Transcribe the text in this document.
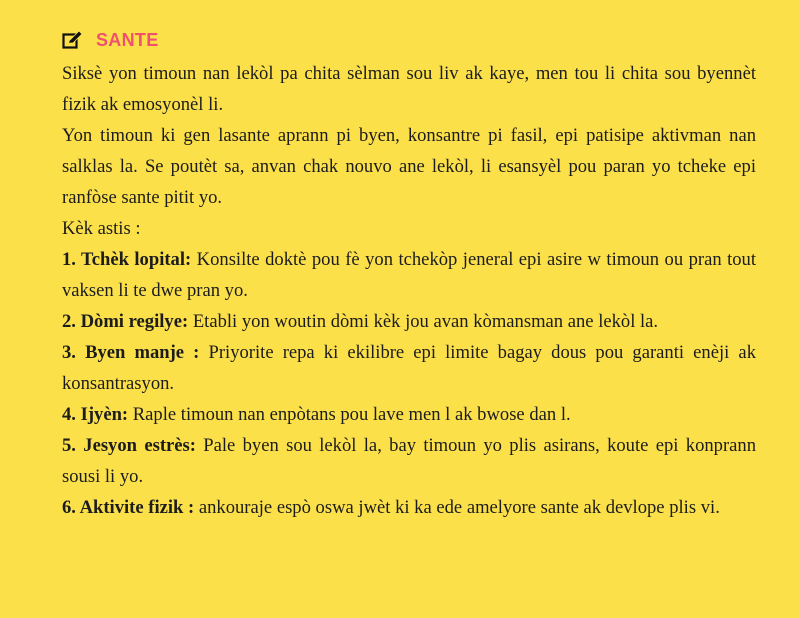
SANTE

Siksè yon timoun nan lekòl pa chita sèlman sou liv ak kaye, men tou li chita sou byennèt fizik ak emosyonèl li.

Yon timoun ki gen lasante aprann pi byen, konsantre pi fasil, epi patisipe aktivman nan salklas la. Se poutèt sa, anvan chak nouvo ane lekòl, li esansyèl pou paran yo tcheke epi ranfòse sante pitit yo.

Kèk astis :

1. Tchèk lopital: Konsilte doktè pou fè yon tchekòp jeneral epi asire w timoun ou pran tout vaksen li te dwe pran yo.

2. Dòmi regilye: Etabli yon woutin dòmi kèk jou avan kòmansman ane lekòl la.

3. Byen manje : Priyorite repa ki ekilibre epi limite bagay dous pou garanti enèji ak konsantrasyon.

4. Ijyèn: Raple timoun nan enpòtans pou lave men l ak bwose dan l.

5. Jesyon estrès: Pale byen sou lekòl la, bay timoun yo plis asirans, koute epi konprann sousi li yo.

6. Aktivite fizik : ankouraje espò oswa jwèt ki ka ede amelyore sante ak devlope plis vi.
